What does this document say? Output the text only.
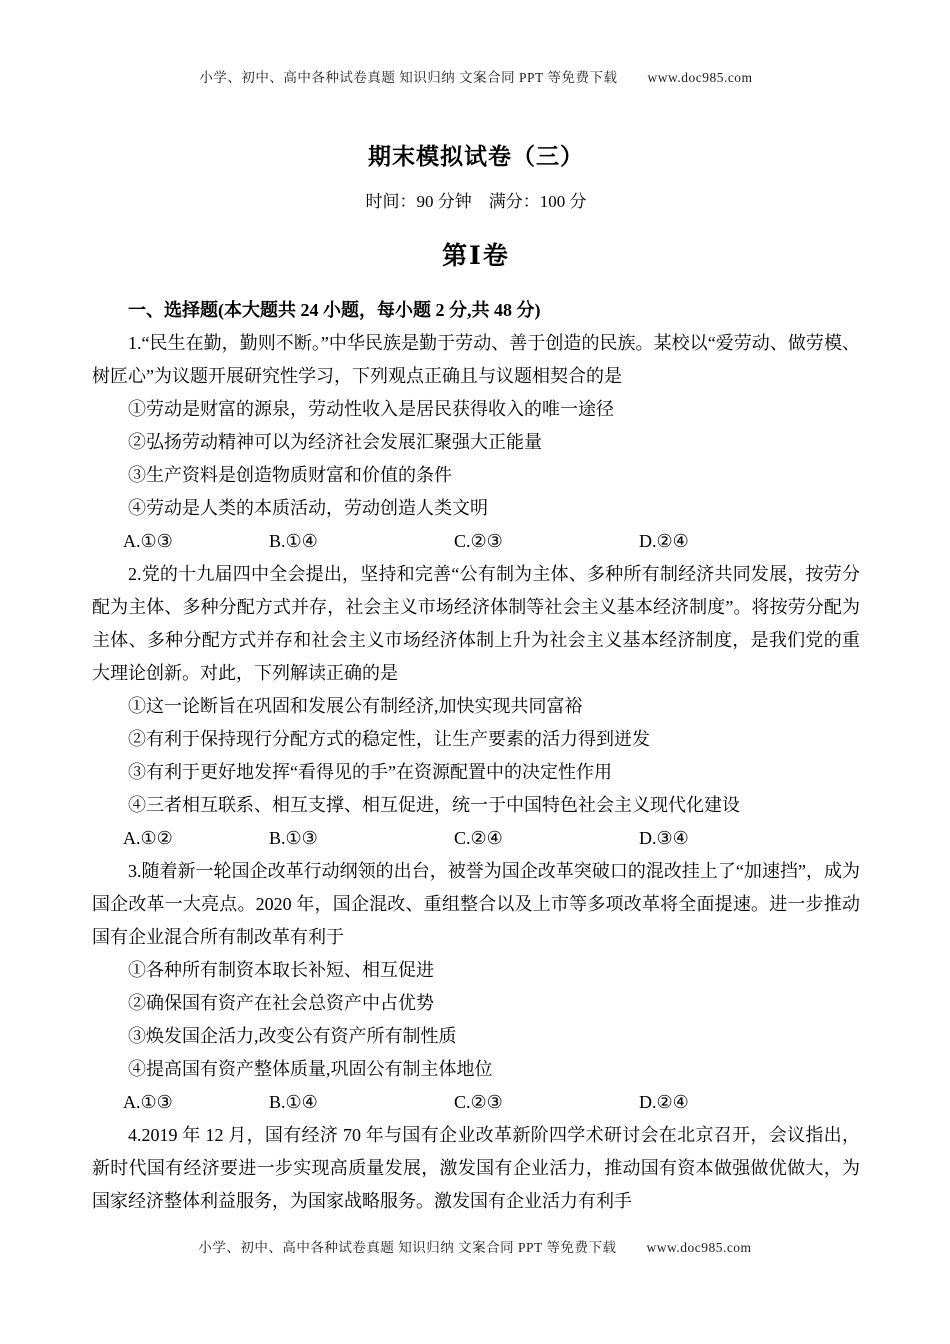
小学、初中、高中各种试卷真题 知识归纳 文案合同 PPT 等免费下载 www.doc985.com
期末模拟试卷（三）

时间：90 分钟　满分：100 分

第Ⅰ卷

一、选择题(本大题共 24 小题，每小题 2 分,共 48 分)

1.“民生在勤，勤则不断。”中华民族是勤于劳动、善于创造的民族。某校以“爱劳动、做劳模、树匠心”为议题开展研究性学习，下列观点正确且与议题相契合的是

①劳动是财富的源泉，劳动性收入是居民获得收入的唯一途径

②弘扬劳动精神可以为经济社会发展汇聚强大正能量

③生产资料是创造物质财富和价值的条件

④劳动是人类的本质活动，劳动创造人类文明

A.①③	B.①④	C.②③	D.②④

2.党的十九届四中全会提出，坚持和完善“公有制为主体、多种所有制经济共同发展，按劳分配为主体、多种分配方式并存，社会主义市场经济体制等社会主义基本经济制度”。将按劳分配为主体、多种分配方式并存和社会主义市场经济体制上升为社会主义基本经济制度，是我们党的重大理论创新。对此，下列解读正确的是

①这一论断旨在巩固和发展公有制经济,加快实现共同富裕

②有利于保持现行分配方式的稳定性，让生产要素的活力得到迸发

③有利于更好地发挥“看得见的手”在资源配置中的决定性作用

④三者相互联系、相互支撑、相互促进，统一于中国特色社会主义现代化建设

A.①②	B.①③	C.②④	D.③④

3.随着新一轮国企改革行动纲领的出台，被誉为国企改革突破口的混改挂上了“加速挡”，成为国企改革一大亮点。2020 年，国企混改、重组整合以及上市等多项改革将全面提速。进一步推动国有企业混合所有制改革有利于

①各种所有制资本取长补短、相互促进

②确保国有资产在社会总资产中占优势

③焕发国企活力,改变公有资产所有制性质

④提高国有资产整体质量,巩固公有制主体地位

A.①③	B.①④	C.②③	D.②④

4.2019 年 12 月，国有经济 70 年与国有企业改革新阶四学术研讨会在北京召开，会议指出，新时代国有经济要进一步实现高质量发展，激发国有企业活力，推动国有资本做强做优做大，为国家经济整体利益服务，为国家战略服务。激发国有企业活力有利手

小学、初中、高中各种试卷真题 知识归纳 文案合同 PPT 等免费下载 www.doc985.com
